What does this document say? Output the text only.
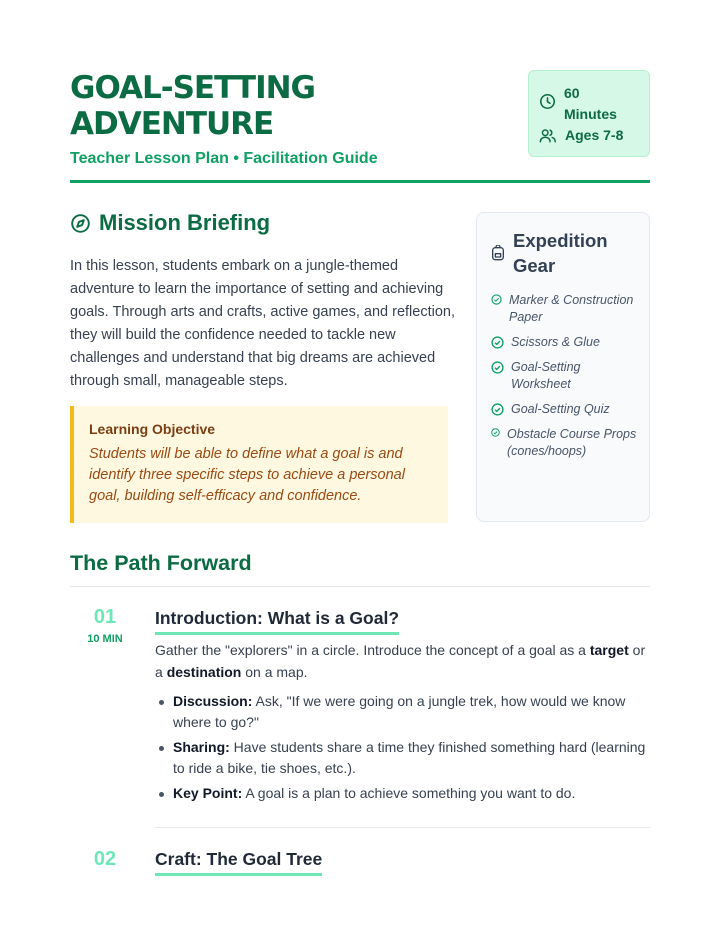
GOAL-SETTING
ADVENTURE
Teacher Lesson Plan • Facilitation Guide
60
Minutes
Ages 7-8
Mission Briefing

In this lesson, students embark on a jungle-themed adventure to learn the importance of setting and achieving goals. Through arts and crafts, active games, and reflection, they will build the confidence needed to tackle new challenges and understand that big dreams are achieved through small, manageable steps.

Learning Objective
Students will be able to define what a goal is and identify three specific steps to achieve a personal goal, building self-efficacy and confidence.
Expedition Gear
Marker & Construction Paper
Scissors & Glue
Goal-Setting Worksheet
Goal-Setting Quiz
Obstacle Course Props (cones/hoops)
The Path Forward
01
10 MIN
Introduction: What is a Goal?

Gather the "explorers" in a circle. Introduce the concept of a goal as a target or a destination on a map.

Discussion: Ask, "If we were going on a jungle trek, how would we know where to go?"
Sharing: Have students share a time they finished something hard (learning to ride a bike, tie shoes, etc.).
Key Point: A goal is a plan to achieve something you want to do.
02	Craft: The Goal Tree
